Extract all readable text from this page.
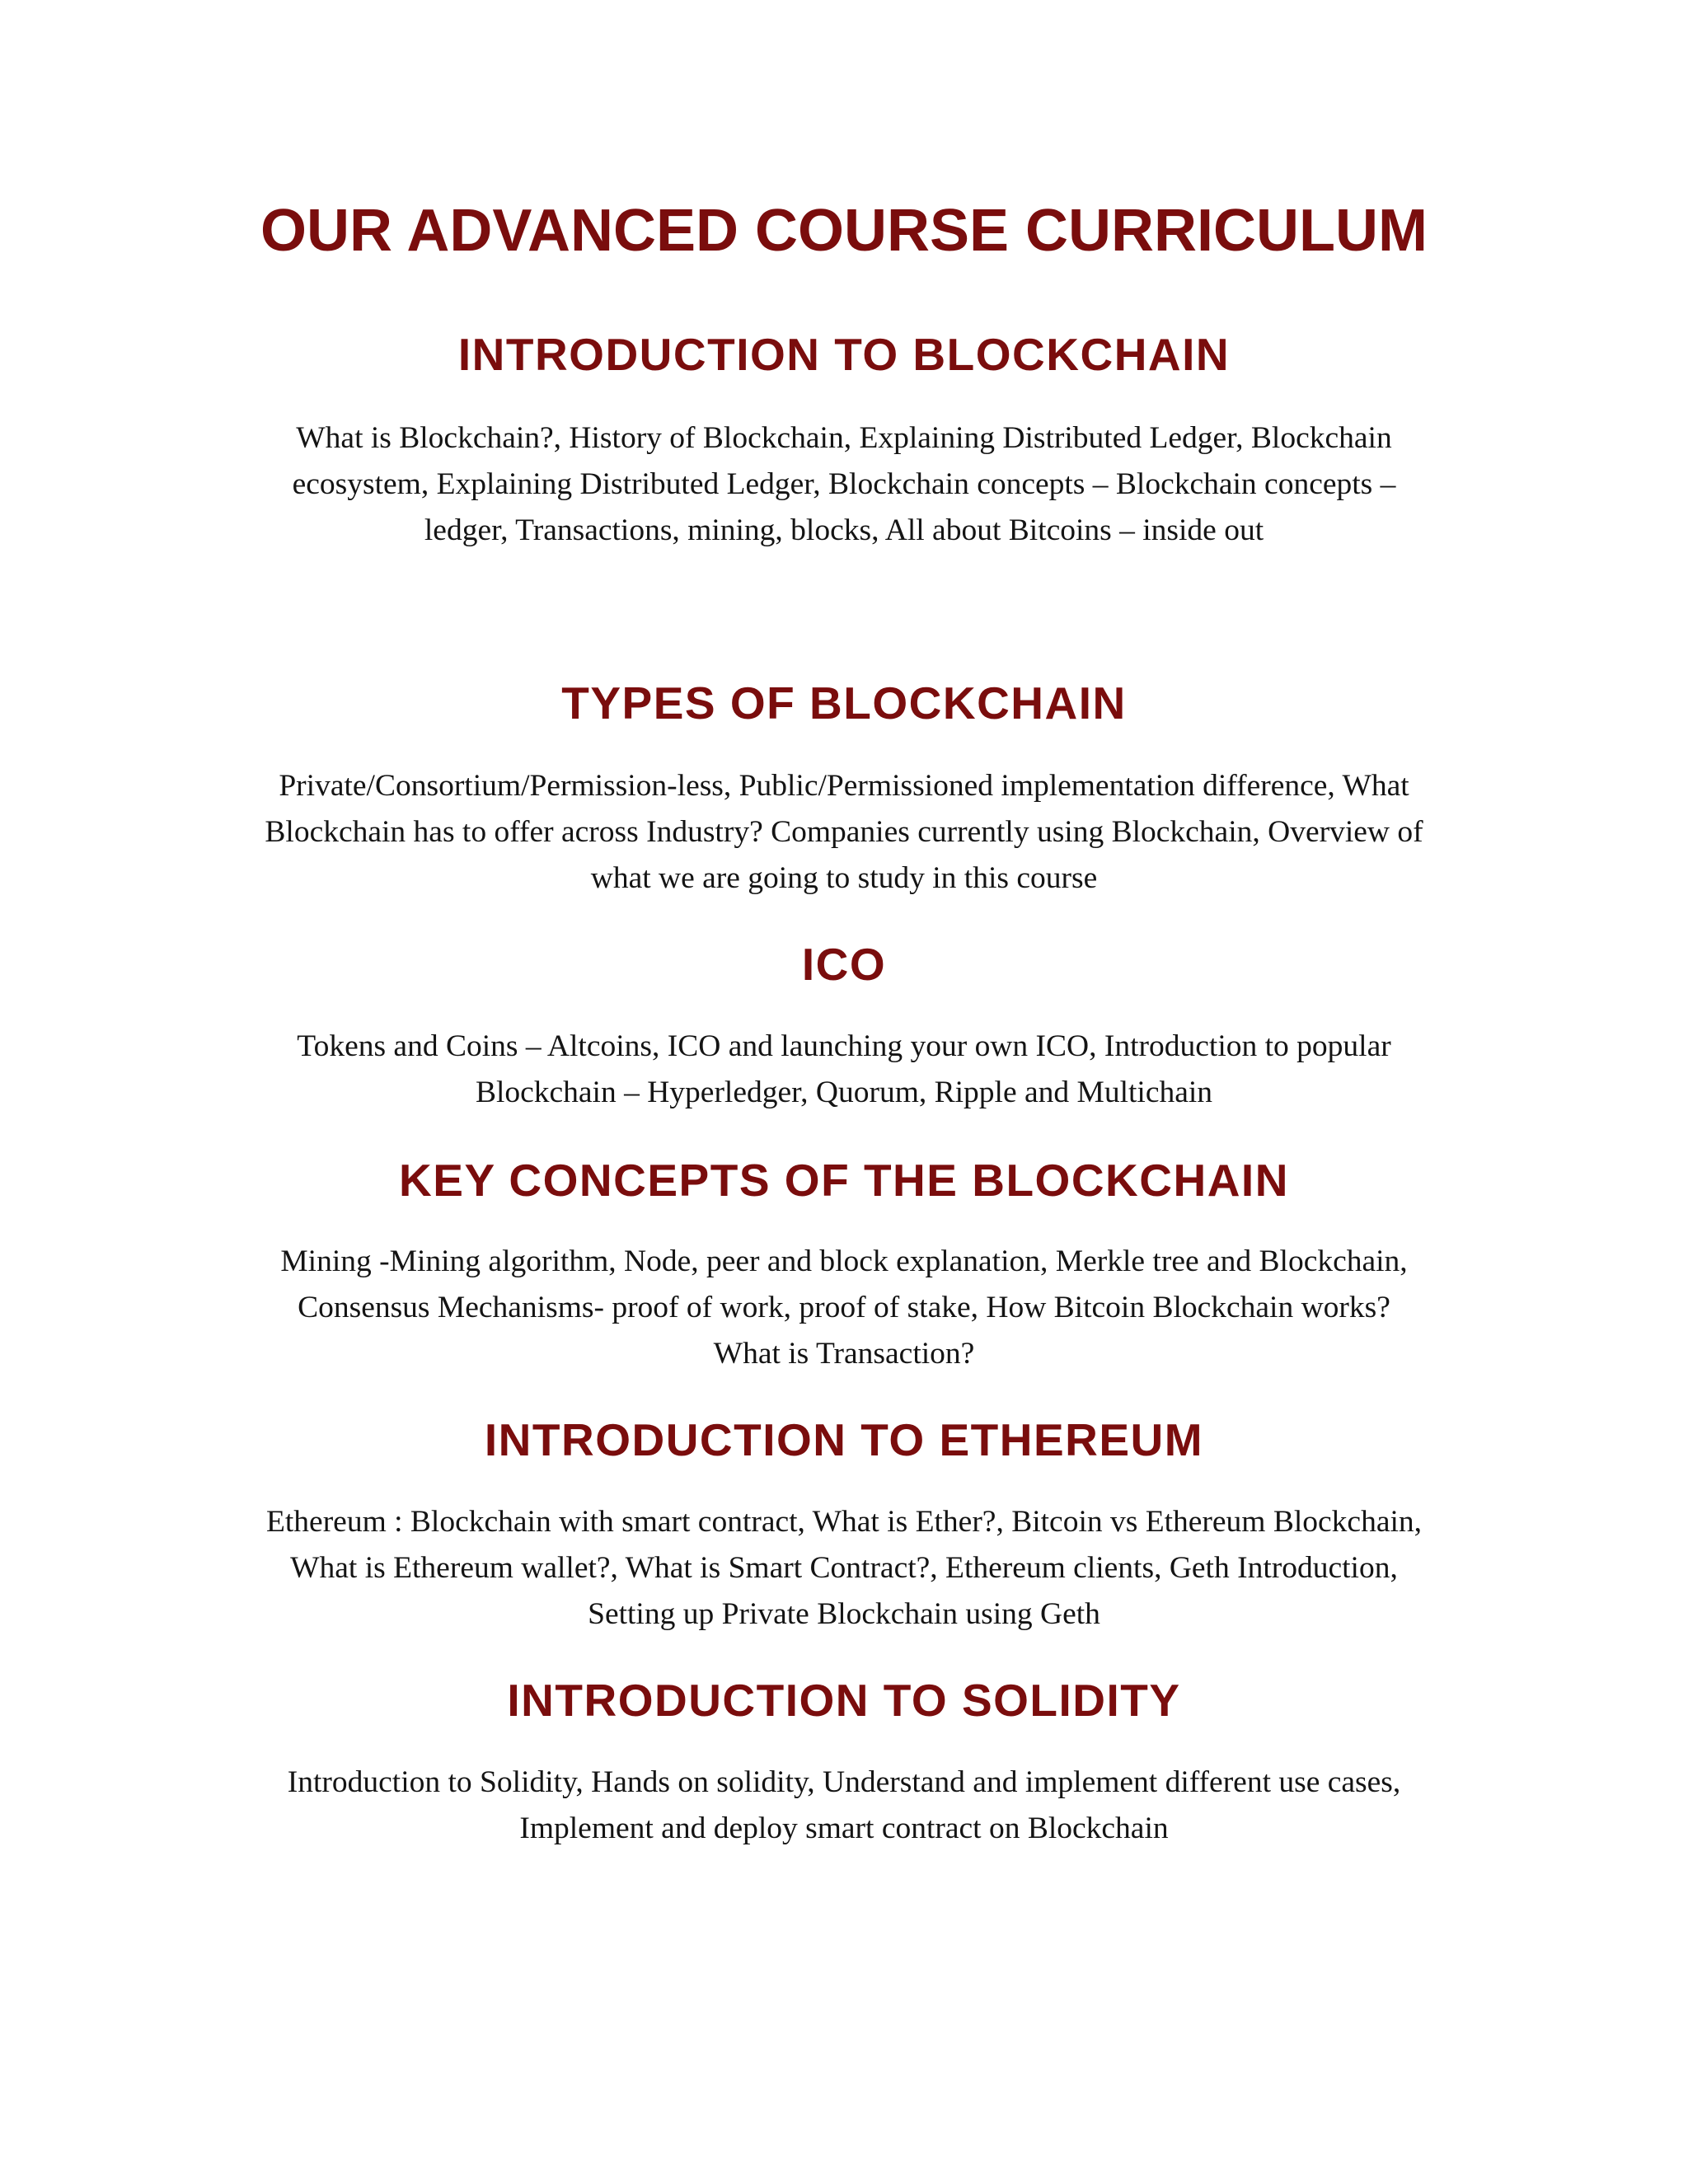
OUR ADVANCED COURSE CURRICULUM
INTRODUCTION TO BLOCKCHAIN
What is Blockchain?, History of Blockchain, Explaining Distributed Ledger, Blockchain
ecosystem, Explaining Distributed Ledger, Blockchain concepts – Blockchain concepts –
ledger, Transactions, mining, blocks, All about Bitcoins – inside out
TYPES OF BLOCKCHAIN
Private/Consortium/Permission-less, Public/Permissioned implementation difference, What
Blockchain has to offer across Industry? Companies currently using Blockchain, Overview of
what we are going to study in this course
ICO
Tokens and Coins – Altcoins, ICO and launching your own ICO, Introduction to popular
Blockchain – Hyperledger, Quorum, Ripple and Multichain
KEY CONCEPTS OF THE BLOCKCHAIN
Mining -Mining algorithm, Node, peer and block explanation, Merkle tree and Blockchain,
Consensus Mechanisms- proof of work, proof of stake, How Bitcoin Blockchain works?
What is Transaction?
INTRODUCTION TO ETHEREUM
Ethereum : Blockchain with smart contract, What is Ether?, Bitcoin vs Ethereum Blockchain,
What is Ethereum wallet?, What is Smart Contract?, Ethereum clients, Geth Introduction,
Setting up Private Blockchain using Geth
INTRODUCTION TO SOLIDITY
Introduction to Solidity, Hands on solidity, Understand and implement different use cases,
Implement and deploy smart contract on Blockchain
